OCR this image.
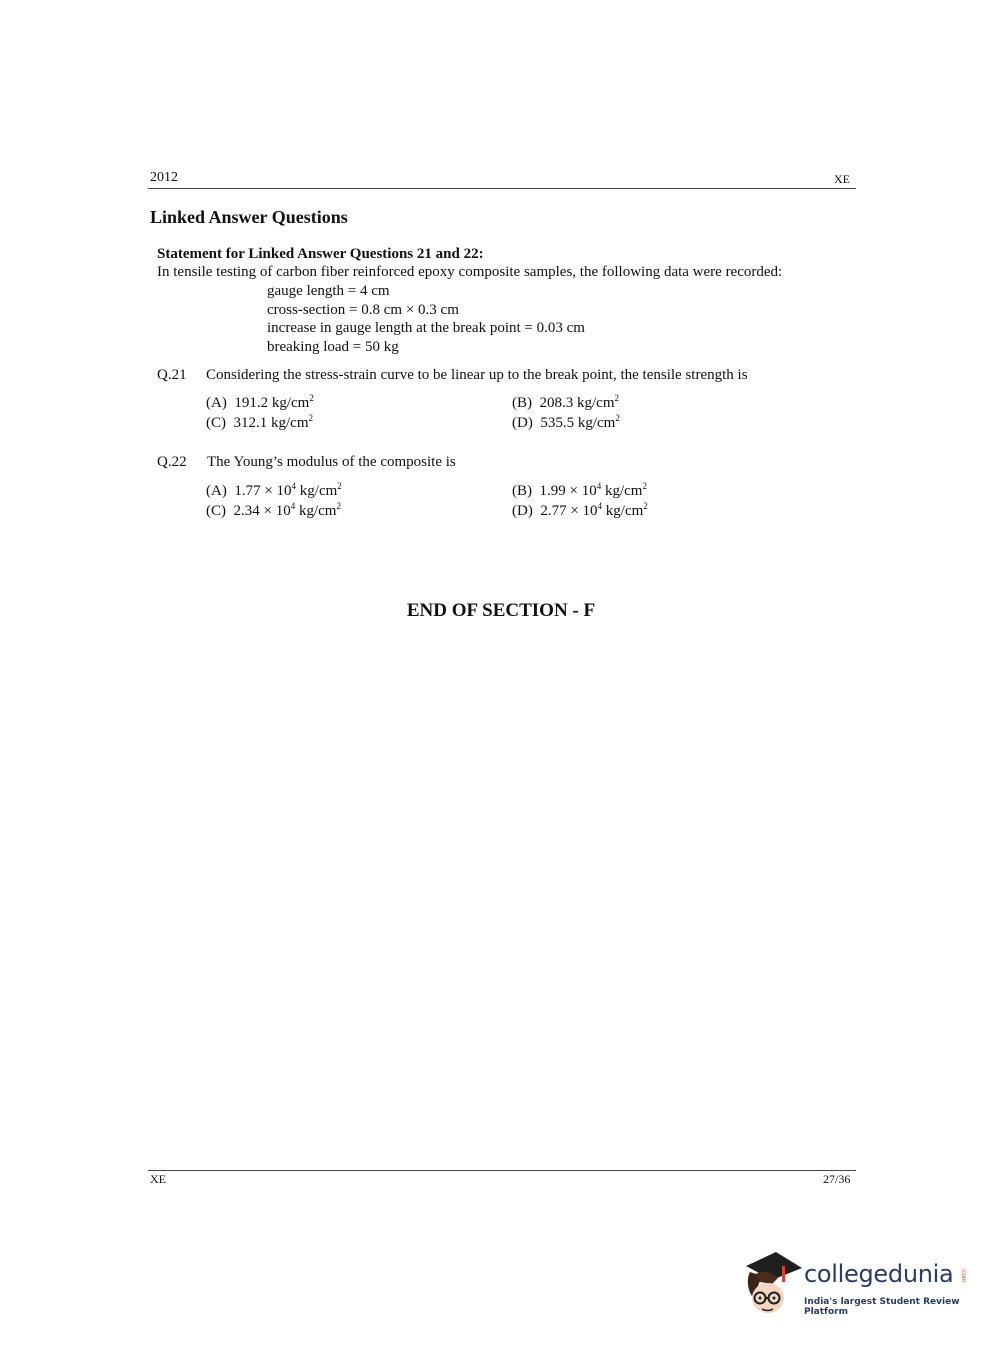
2012	XE
Linked Answer Questions
Statement for Linked Answer Questions 21 and 22:
In tensile testing of carbon fiber reinforced epoxy composite samples, the following data were recorded:
gauge length = 4 cm
cross-section = 0.8 cm × 0.3 cm
increase in gauge length at the break point = 0.03 cm
breaking load = 50 kg
Q.21 Considering the stress-strain curve to be linear up to the break point, the tensile strength is
(A) 191.2 $kg/cm^2$	(B) 208.3 $kg/cm^2$
(C) 312.1 $kg/cm^2$	(D) 535.5 $kg/cm^2$
Q.22 The Young’s modulus of the composite is
(A) $1.77 \times 10^4$ $kg/cm^2$	(B) $1.99 \times 10^4$ $kg/cm^2$
(C) $2.34 \times 10^4$ $kg/cm^2$	(D) $2.77 \times 10^4$ $kg/cm^2$
END OF SECTION - F
XE	27/36
collegedunia .com
India's largest Student Review Platform
